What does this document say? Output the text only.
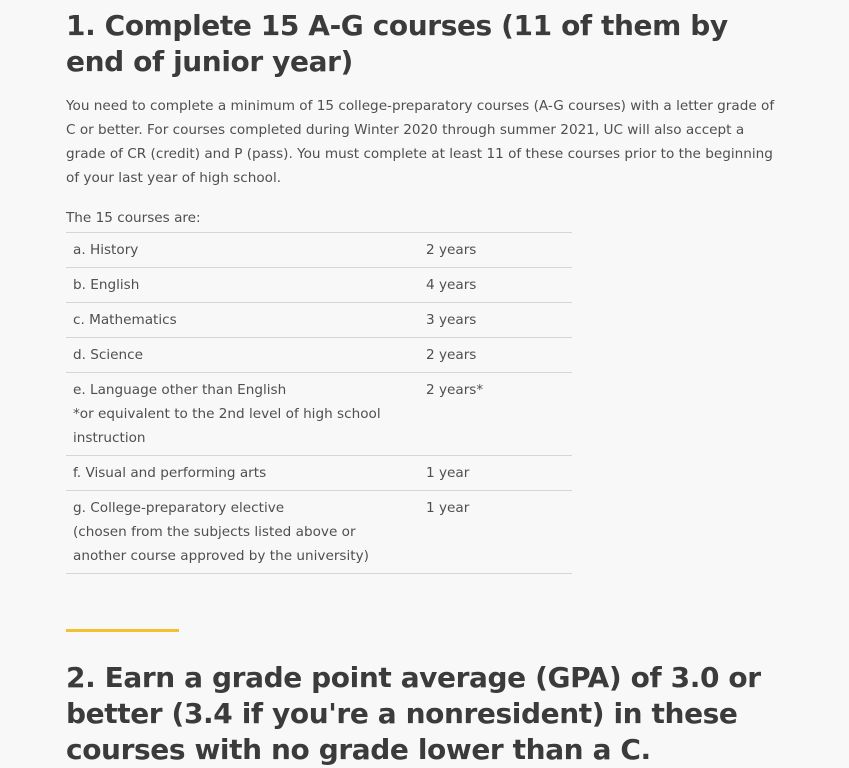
1. Complete 15 A-G courses (11 of them by end of junior year)

You need to complete a minimum of 15 college-preparatory courses (A-G courses) with a letter grade of C or better. For courses completed during Winter 2020 through summer 2021, UC will also accept a grade of CR (credit) and P (pass). You must complete at least 11 of these courses prior to the beginning of your last year of high school.

The 15 courses are:

a. History	2 years
b. English	4 years
c. Mathematics	3 years
d. Science	2 years
e. Language other than English
*or equivalent to the 2nd level of high school instruction	2 years*
f. Visual and performing arts	1 year
g. College-preparatory elective
(chosen from the subjects listed above or another course approved by the university)	1 year
2. Earn a grade point average (GPA) of 3.0 or better (3.4 if you're a nonresident) in these courses with no grade lower than a C.
